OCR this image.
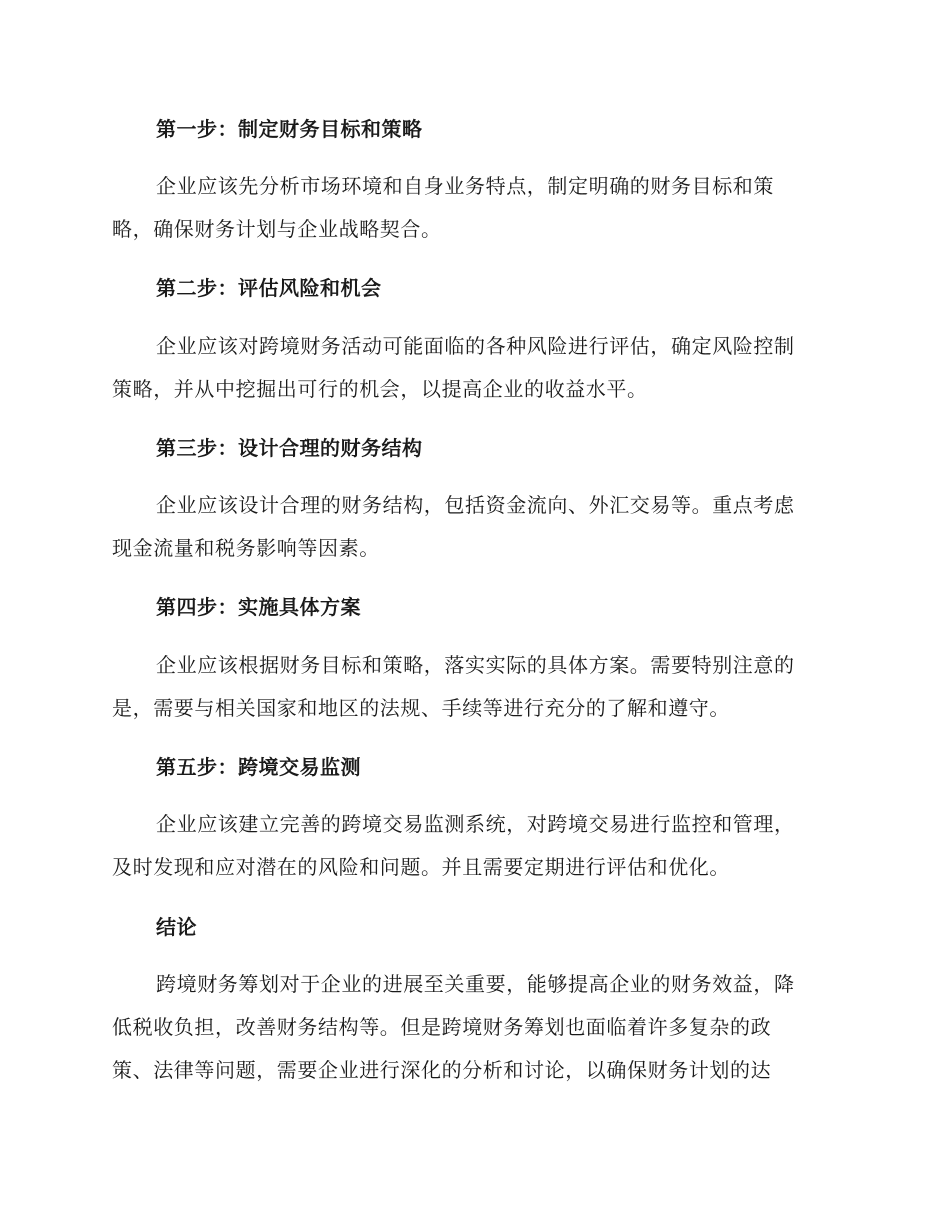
第一步：制定财务目标和策略

企业应该先分析市场环境和自身业务特点，制定明确的财务目标和策
略，确保财务计划与企业战略契合。

第二步：评估风险和机会

企业应该对跨境财务活动可能面临的各种风险进行评估，确定风险控制
策略，并从中挖掘出可行的机会，以提高企业的收益水平。

第三步：设计合理的财务结构

企业应该设计合理的财务结构，包括资金流向、外汇交易等。重点考虑
现金流量和税务影响等因素。

第四步：实施具体方案

企业应该根据财务目标和策略，落实实际的具体方案。需要特别注意的
是，需要与相关国家和地区的法规、手续等进行充分的了解和遵守。

第五步：跨境交易监测

企业应该建立完善的跨境交易监测系统，对跨境交易进行监控和管理，
及时发现和应对潜在的风险和问题。并且需要定期进行评估和优化。

结论

跨境财务筹划对于企业的进展至关重要，能够提高企业的财务效益，降
低税收负担，改善财务结构等。但是跨境财务筹划也面临着许多复杂的政
策、法律等问题，需要企业进行深化的分析和讨论，以确保财务计划的达
